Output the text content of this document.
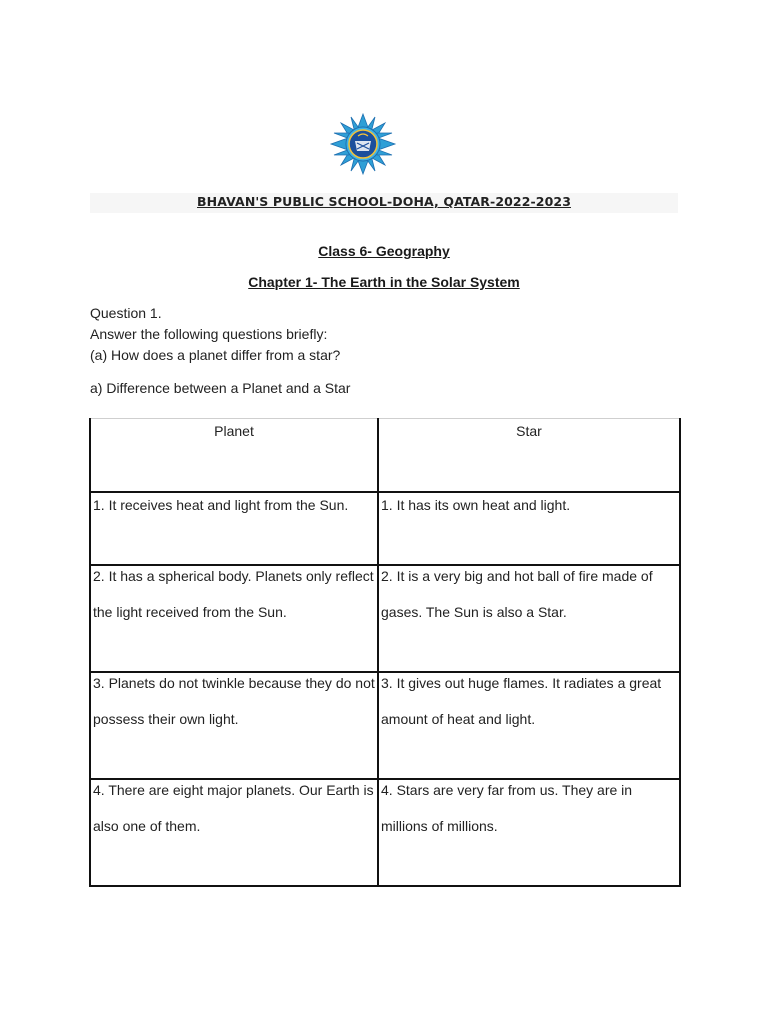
BHAVAN'S PUBLIC SCHOOL-DOHA, QATAR-2022-2023
Class 6- Geography
Chapter 1- The Earth in the Solar System
Question 1.
Answer the following questions briefly:
(a) How does a planet differ from a star?
a) Difference between a Planet and a Star
Planet	Star
1. It receives heat and light from the Sun.	1. It has its own heat and light.

2. It has a spherical body. Planets only reflect the light received from the Sun.	2. It is a very big and hot ball of fire made of gases. The Sun is also a Star.

3. Planets do not twinkle because they do not possess their own light.	3. It gives out huge flames. It radiates a great amount of heat and light.

4. There are eight major planets. Our Earth is also one of them.	4. Stars are very far from us. They are in millions of millions.
